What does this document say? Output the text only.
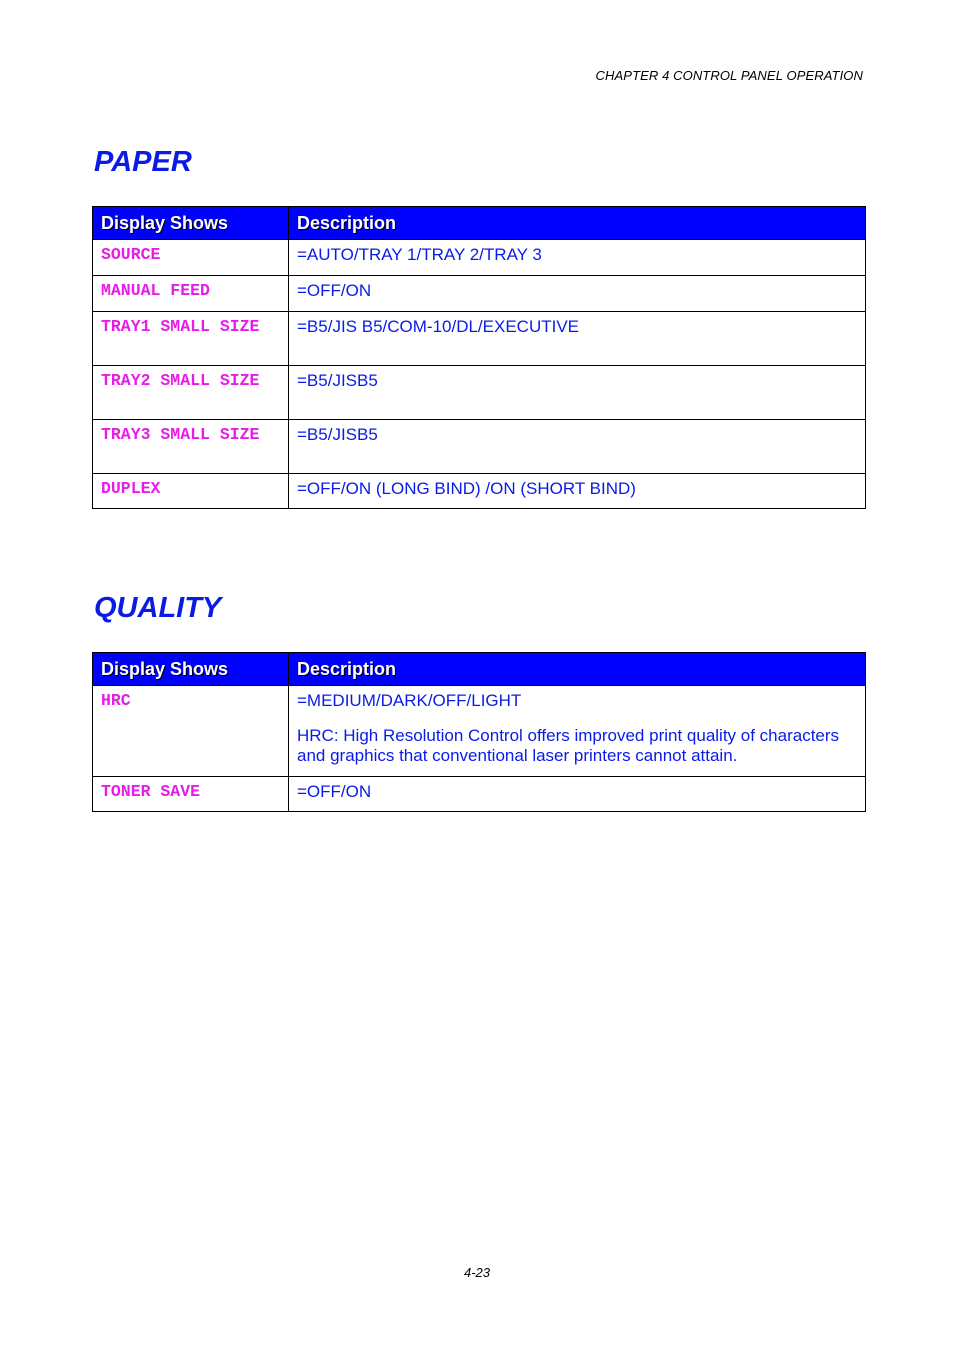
CHAPTER 4 CONTROL PANEL OPERATION
PAPER
Display Shows	Description
SOURCE	=AUTO/TRAY 1/TRAY 2/TRAY 3
MANUAL FEED	=OFF/ON
TRAY1 SMALL SIZE	=B5/JIS B5/COM-10/DL/EXECUTIVE
TRAY2 SMALL SIZE	=B5/JISB5
TRAY3 SMALL SIZE	=B5/JISB5
DUPLEX	=OFF/ON (LONG BIND) /ON (SHORT BIND)
QUALITY
Display Shows	Description
HRC	=MEDIUM/DARK/OFF/LIGHT

HRC: High Resolution Control offers improved print quality of characters and graphics that conventional laser printers cannot attain.

TONER SAVE	=OFF/ON
4-23
